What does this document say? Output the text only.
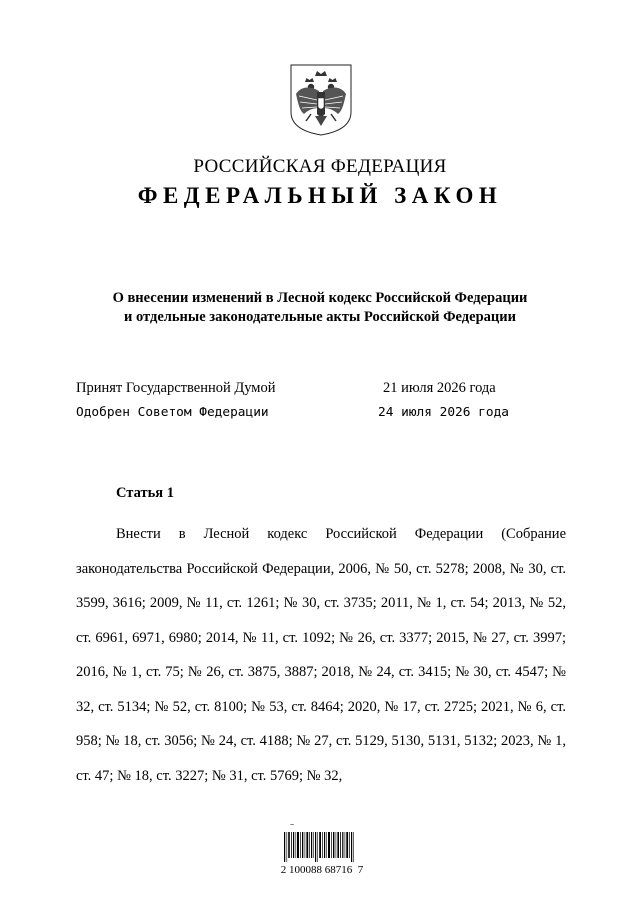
РОССИЙСКАЯ ФЕДЕРАЦИЯ
ФЕДЕРАЛЬНЫЙ ЗАКОН
О внесении изменений в Лесной кодекс Российской Федерации
и отдельные законодательные акты Российской Федерации
Принят Государственной Думой	21 июля 2026 года
Одобрен Советом Федерации	24 июля 2026 года
Статья 1

Внести в Лесной кодекс Российской Федерации (Собрание законодательства Российской Федерации, 2006, № 50, ст. 5278; 2008, № 30, ст. 3599, 3616; 2009, № 11, ст. 1261; № 30, ст. 3735; 2011, № 1, ст. 54; 2013, № 52, ст. 6961, 6971, 6980; 2014, № 11, ст. 1092; № 26, ст. 3377; 2015, № 27, ст. 3997; 2016, № 1, ст. 75; № 26, ст. 3875, 3887; 2018, № 24, ст. 3415; № 30, ст. 4547; № 32, ст. 5134; № 52, ст. 8100; № 53, ст. 8464; 2020, № 17, ст. 2725; 2021, № 6, ст. 958; № 18, ст. 3056; № 24, ст. 4188; № 27, ст. 5129, 5130, 5131, 5132; 2023, № 1, ст. 47; № 18, ст. 3227; № 31, ст. 5769; № 32,

~
2 100088 68716  7
